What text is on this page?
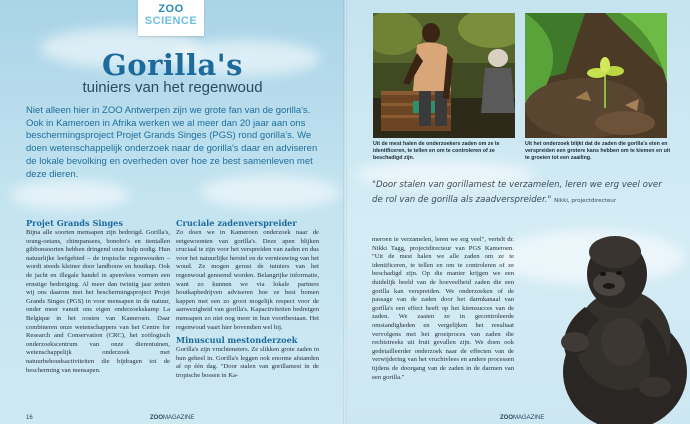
ZOO
SCIENCE
Gorilla's
tuiniers van het regenwoud
Niet alleen hier in ZOO Antwerpen zijn we grote fan van de gorilla's. Ook in Kameroen in Afrika werken we al meer dan 20 jaar aan ons beschermingsproject Projet Grands Singes (PGS) rond gorilla's. We doen wetenschappelijk onderzoek naar de gorilla's daar en adviseren de lokale bevolking en overheden over hoe ze best samenleven met deze dieren.
Projet Grands Singes

Bijna alle soorten mensapen zijn bedreigd. Gorilla's, orang-oetans, chimpansees, bonobo's en tientallen gibbonsoorten hebben dringend onze hulp nodig. Hun natuurlijke leefgebied – de tropische regenwouden – wordt steeds kleiner door landbouw en houtkap. Ook de jacht en illegale handel in apenvlees vormen een ernstige bedreiging. Al meer dan twintig jaar zetten wij ons daarom met het beschermingsproject Projet Grands Singes (PGS) in voor mensapen in de natuur, onder meer vanuit ons eigen onderzoekskamp La Belgique in het oosten van Kameroen. Daar combineren onze wetenschappers van het Centre for Research and Conservation (CRC), het zoölogisch onderzoekscentrum van onze dierentuinen, wetenschappelijk onderzoek met natuurbehoudsactiviteiten die bijdragen tot de bescherming van mensapen.

Cruciale zadenverspreider

Zo doen we in Kameroen onderzoek naar de eetgewoonten van gorilla's. Deze apen blijken cruciaal te zijn voor het verspreiden van zaden en dus voor het natuurlijke herstel en de vernieuwing van het woud. Ze mogen gerust de tuiniers van het regenwoud genoemd worden. Belangrijke informatie, want zo kunnen we via lokale partners houtkapbedrijven adviseren hoe ze best bomen kappen met een zo groot mogelijk respect voor de aanwezigheid van gorilla's. Kapactiviteiten bedreigen mensapen zo niet nog meer in hun voortbestaan. Het regenwoud vaart hier bovendien wel bij.

Minuscuul mestonderzoek

Gorilla's zijn vruchteneters. Ze slikken grote zaden in hun geheel in. Gorilla's leggen ook enorme afstanden af op één dag. "Door stalen van gorillamest in de tropische bossen in Ka-

16	ZOOMAGAZINE
Uit de mest halen de onderzoekers zaden om ze te identificeren, te tellen en om te controleren of ze beschadigd zijn.
Uit het onderzoek blijkt dat de zaden die gorilla's eten en verspreiden een grotere kans hebben om te kiemen en uit te groeien tot een zaailing.
"Door stalen van gorillamest te verzamelen, leren we erg veel over de rol van de gorilla als zaadverspreider." Nikki, projectdirecteur

meroen te verzamelen, leren we erg veel", vertelt dr. Nikki Tagg, projectdirecteur van PGS Kameroen. "Uit de mest halen we alle zaden om ze te identificeren, te tellen en om te controleren of ze beschadigd zijn. Op die manier krijgen we een duidelijk beeld van de hoeveelheid zaden die een gorilla kan verspreiden. We onderzoeken of de passage van de zaden door het darmkanaal van gorilla's een effect heeft op het kiemsucces van de zaden. We zaaien ze in gecontroleerde omstandigheden en vergelijken het resultaat vervolgens met het groeiproces van zaden die rechtstreeks uit fruit gevallen zijn. We doen ook gedetailleerder onderzoek naar de effecten van de verwijdering van het vruchtvlees en andere processen tijdens de doorgang van de zaden in de darmen van een gorilla."

ZOOMAGAZINE
